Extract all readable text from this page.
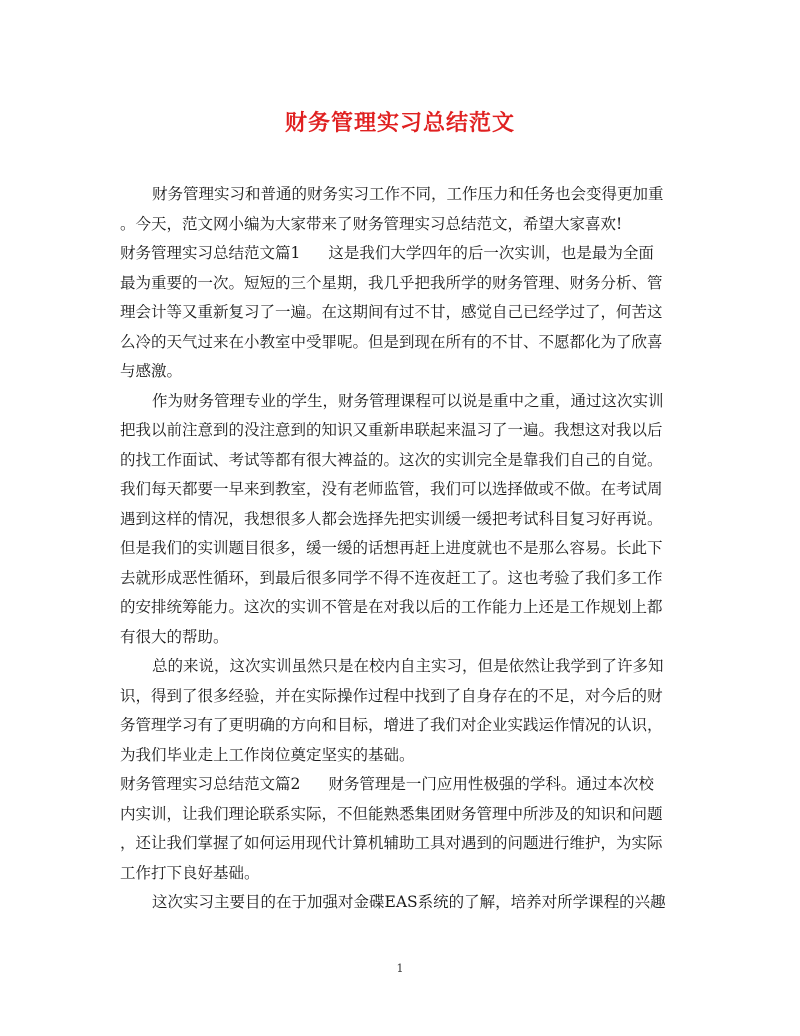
财务管理实习总结范文
财务管理实习和普通的财务实习工作不同，工作压力和任务也会变得更加重
。今天，范文网小编为大家带来了财务管理实习总结范文，希望大家喜欢!
财务管理实习总结范文篇1 这是我们大学四年的后一次实训，也是最为全面
最为重要的一次。短短的三个星期，我几乎把我所学的财务管理、财务分析、管
理会计等又重新复习了一遍。在这期间有过不甘，感觉自己已经学过了，何苦这
么冷的天气过来在小教室中受罪呢。但是到现在所有的不甘、不愿都化为了欣喜
与感激。
作为财务管理专业的学生，财务管理课程可以说是重中之重，通过这次实训
把我以前注意到的没注意到的知识又重新串联起来温习了一遍。我想这对我以后
的找工作面试、考试等都有很大裨益的。这次的实训完全是靠我们自己的自觉。
我们每天都要一早来到教室，没有老师监管，我们可以选择做或不做。在考试周
遇到这样的情况，我想很多人都会选择先把实训缓一缓把考试科目复习好再说。
但是我们的实训题目很多，缓一缓的话想再赶上进度就也不是那么容易。长此下
去就形成恶性循环，到最后很多同学不得不连夜赶工了。这也考验了我们多工作
的安排统筹能力。这次的实训不管是在对我以后的工作能力上还是工作规划上都
有很大的帮助。
总的来说，这次实训虽然只是在校内自主实习，但是依然让我学到了许多知
识，得到了很多经验，并在实际操作过程中找到了自身存在的不足，对今后的财
务管理学习有了更明确的方向和目标，增进了我们对企业实践运作情况的认识，
为我们毕业走上工作岗位奠定坚实的基础。
财务管理实习总结范文篇2 财务管理是一门应用性极强的学科。通过本次校
内实训，让我们理论联系实际，不但能熟悉集团财务管理中所涉及的知识和问题
，还让我们掌握了如何运用现代计算机辅助工具对遇到的问题进行维护，为实际
工作打下良好基础。
这次实习主要目的在于加强对金碟EAS系统的了解，培养对所学课程的兴趣
1
